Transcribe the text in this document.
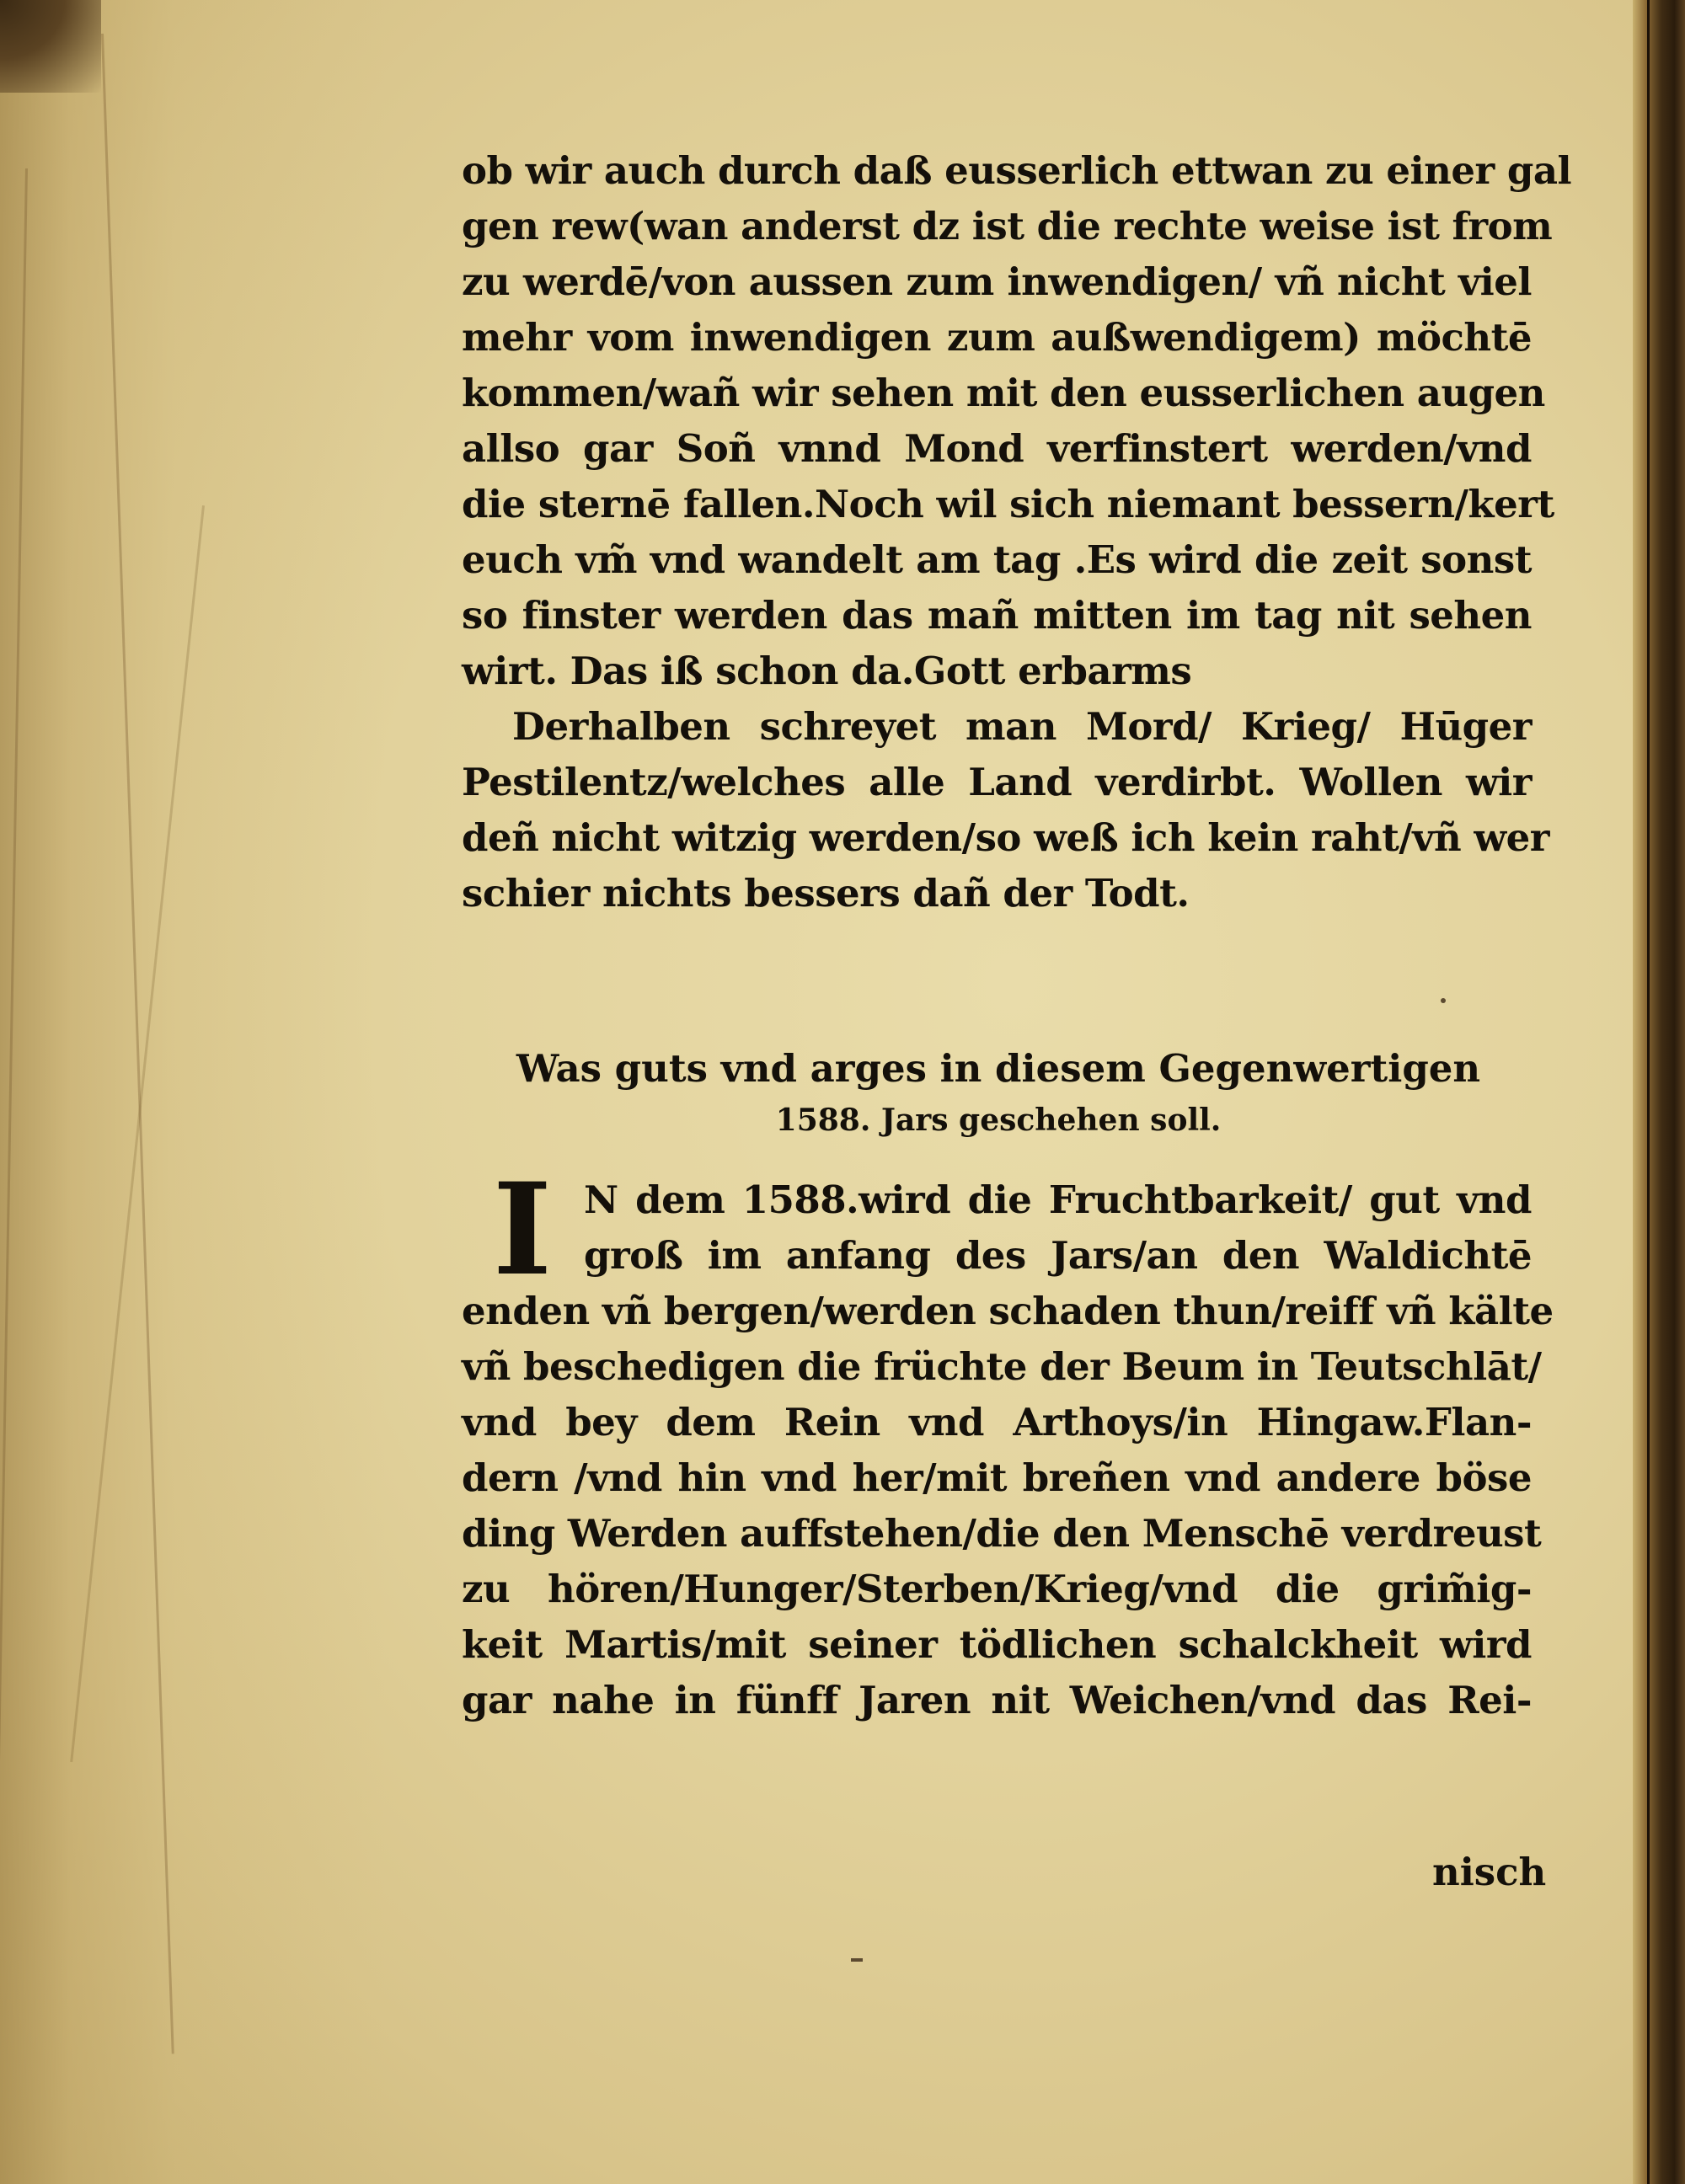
ob wir auch durch daß eusserlich ettwan zu einer gal
gen rew(wan anderst dz ist die rechte weise ist from
zu werdē/von aussen zum inwendigen/ vñ nicht viel
mehr vom inwendigen zum außwendigem) möchtē
kommen/wañ wir sehen mit den eusserlichen augen
allso gar Soñ vnnd Mond verfinstert werden/vnd
die sternē fallen.Noch wil sich niemant bessern/kert
euch vm̃ vnd wandelt am tag .Es wird die zeit sonst
so finster werden das mañ mitten im tag nit sehen
wirt. Das iß schon da.Gott erbarms
Derhalben schreyet man Mord/ Krieg/ Hūger
Pestilentz/welches alle Land verdirbt. Wollen wir
deñ nicht witzig werden/so weß ich kein raht/vñ wer
schier nichts bessers dañ der Todt.
Was guts vnd arges in diesem Gegenwertigen
1588. Jars geschehen soll.
I N dem 1588.wird die Fruchtbarkeit/ gut vnd
groß im anfang des Jars/an den Waldichtē
enden vñ bergen/werden schaden thun/reiff vñ kälte
vñ beschedigen die früchte der Beum in Teutschlāt/
vnd bey dem Rein vnd Arthoys/in Hingaw.Flan-
dern /vnd hin vnd her/mit breñen vnd andere böse
ding Werden auffstehen/die den Menschē verdreust
zu hören/Hunger/Sterben/Krieg/vnd die grim̃ig-
keit Martis/mit seiner tödlichen schalckheit wird
gar nahe in fünff Jaren nit Weichen/vnd das Rei-
nisch
